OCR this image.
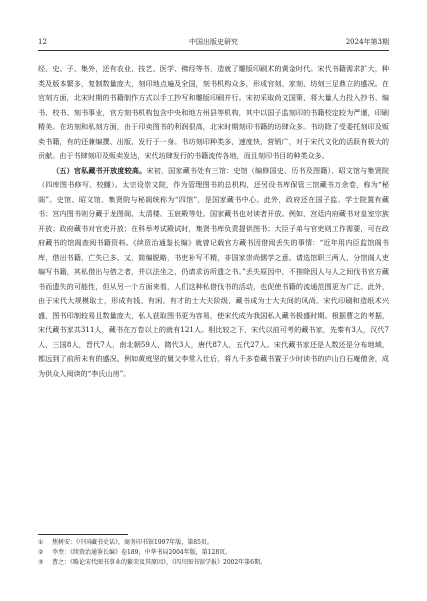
12	中国出版史研究	2024年第3期

经、史、子、集外，还有农业、技艺、医学、佛经等书，造就了雕版印刷术的黄金时代。宋代书籍需求扩大，种类及版本繁多，复制数量庞大，刻印地点遍及全国，刻书机构众多，形成官刻、家刻、坊刻三足鼎立的盛况。在官刻方面，北宋时期的书籍制作方式以手工抄写和雕版印刷并行。宋初采取尚文国策，将大量人力投入抄书、编书、校书、刻书事业，官方刻书机构包含中央和地方州县等机构，其中以国子监刻印的书籍校定较为严谨，印刷精美。在坊刻和私刻方面，由于印卖图书的利润很高，北宋时期刻印书籍的坊肆众多。书坊除了受委托刻印及贩卖书籍，有的还兼编撰、出版、发行于一身。书坊刻印种类多，速度快，营销广，对于宋代文化的活跃有极大的贡献。由于书肆刻印及贩卖发达，宋代坊肆发行的书籍流传各地，而且刻印书目的种类众多。

（五）官私藏书开放度较高。宋初，国家藏书处有三馆：史馆（编修国史、历书及图籍）、昭文馆与集贤院（四库图书修写、校雠）。太宗设崇文院，作为管理图书的总机构，还另设书库保管三馆藏书万余卷，称为“秘阁”。史馆、昭文馆、集贤院与秘阁统称为“四馆”，是国家藏书中心。此外，政府还在国子监、学士院置有藏书；宫内图书则分藏于龙图阁、太清楼、玉宸殿等处。国家藏书也对读者开放。例如，宫廷内府藏书对皇室宗族开放；政府藏书对官吏开放；在科举考试殿试时，集贤书库负责提供图书；大臣子弟与官吏则工作需要，可在政府藏书的馆阁查阅书籍资料。《续资治通鉴长编》就曾记载官方藏书因借阅丢失的事情：“近年用内臣监馆阁书库，借出书籍，亡失已多。又，简编脱略，书吏补写不精，非国家崇尚儒学之意。请选馆职三两人，分馆阁人吏编写书籍，其私借出与借之者，并以法坐之，仍请求访所遗之书。”丢失原因中，不排除因人与人之间伐书官方藏书而遗失的可能性，但从另一个方面来看，人们这种私借伐书的活动，也促使书籍的流通范围更为广泛。此外，由于宋代大规模取士，形成有钱、有闲、有才的士大夫阶级，藏书成为士大夫间的风尚。宋代印刷和造纸术兴盛，图书印制较易且数量庞大，私人获取图书更为容易，使宋代成为我国私人藏书极盛时期。根据曹之的考据，宋代藏书家共311人，藏书在万卷以上的就有121人。相比较之下，宋代以前可考的藏书家，先秦有3人，汉代7人，三国8人，晋代7人，南北朝59人，隋代3人，唐代87人，五代27人。宋代藏书家还是人数还是分布地域，都远到了前所未有的盛况。例如黄庭坚的舅父李常入仕后，将九千多卷藏书置于少时读书的庐山白石庵僧舍，成为供众人阅读的“李氏山房”。

① 焦树安：《中国藏书史话》，商务印书馆1997年版，第85页。
② 李焘：《续资治通鉴长编》卷189，中华书局2004年版，第128页。
③ 曹之：《略论宋代图书事业的繁荣及其原因》，《四川图书馆学报》2002年第6期。
